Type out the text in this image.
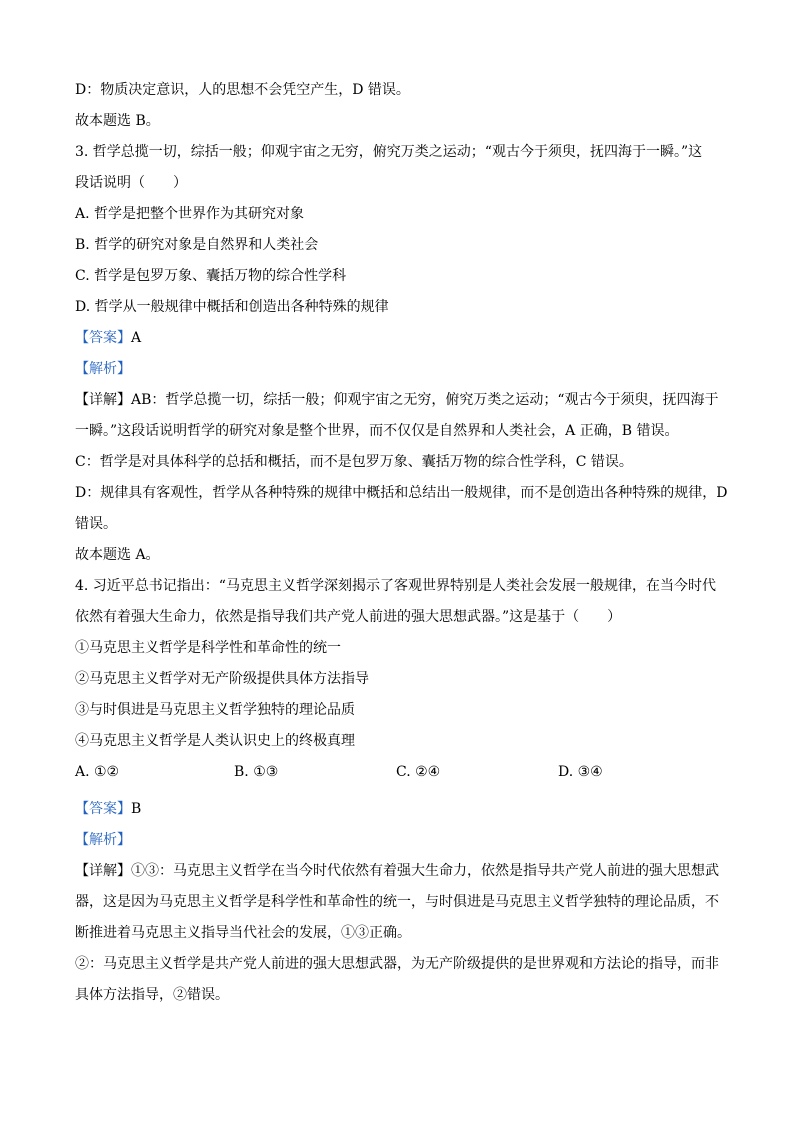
D：物质决定意识，人的思想不会凭空产生，D 错误。
故本题选 B。
3. 哲学总揽一切，综括一般；仰观宇宙之无穷，俯究万类之运动；“观古今于须臾，抚四海于一瞬。”这
段话说明（　　）
A. 哲学是把整个世界作为其研究对象
B. 哲学的研究对象是自然界和人类社会
C. 哲学是包罗万象、囊括万物的综合性学科
D. 哲学从一般规律中概括和创造出各种特殊的规律
【答案】A
【解析】
【详解】AB：哲学总揽一切，综括一般；仰观宇宙之无穷，俯究万类之运动；“观古今于须臾，抚四海于
一瞬。”这段话说明哲学的研究对象是整个世界，而不仅仅是自然界和人类社会，A 正确，B 错误。
C：哲学是对具体科学的总括和概括，而不是包罗万象、囊括万物的综合性学科，C 错误。
D：规律具有客观性，哲学从各种特殊的规律中概括和总结出一般规律，而不是创造出各种特殊的规律，D
错误。
故本题选 A。
4. 习近平总书记指出：“马克思主义哲学深刻揭示了客观世界特别是人类社会发展一般规律，在当今时代
依然有着强大生命力，依然是指导我们共产党人前进的强大思想武器。”这是基于（　　）
①马克思主义哲学是科学性和革命性的统一
②马克思主义哲学对无产阶级提供具体方法指导
③与时俱进是马克思主义哲学独特的理论品质
④马克思主义哲学是人类认识史上的终极真理
A. ①②	B. ①③	C. ②④	D. ③④
【答案】B
【解析】
【详解】①③：马克思主义哲学在当今时代依然有着强大生命力，依然是指导共产党人前进的强大思想武
器，这是因为马克思主义哲学是科学性和革命性的统一，与时俱进是马克思主义哲学独特的理论品质，不
断推进着马克思主义指导当代社会的发展，①③正确。
②：马克思主义哲学是共产党人前进的强大思想武器，为无产阶级提供的是世界观和方法论的指导，而非
具体方法指导，②错误。
